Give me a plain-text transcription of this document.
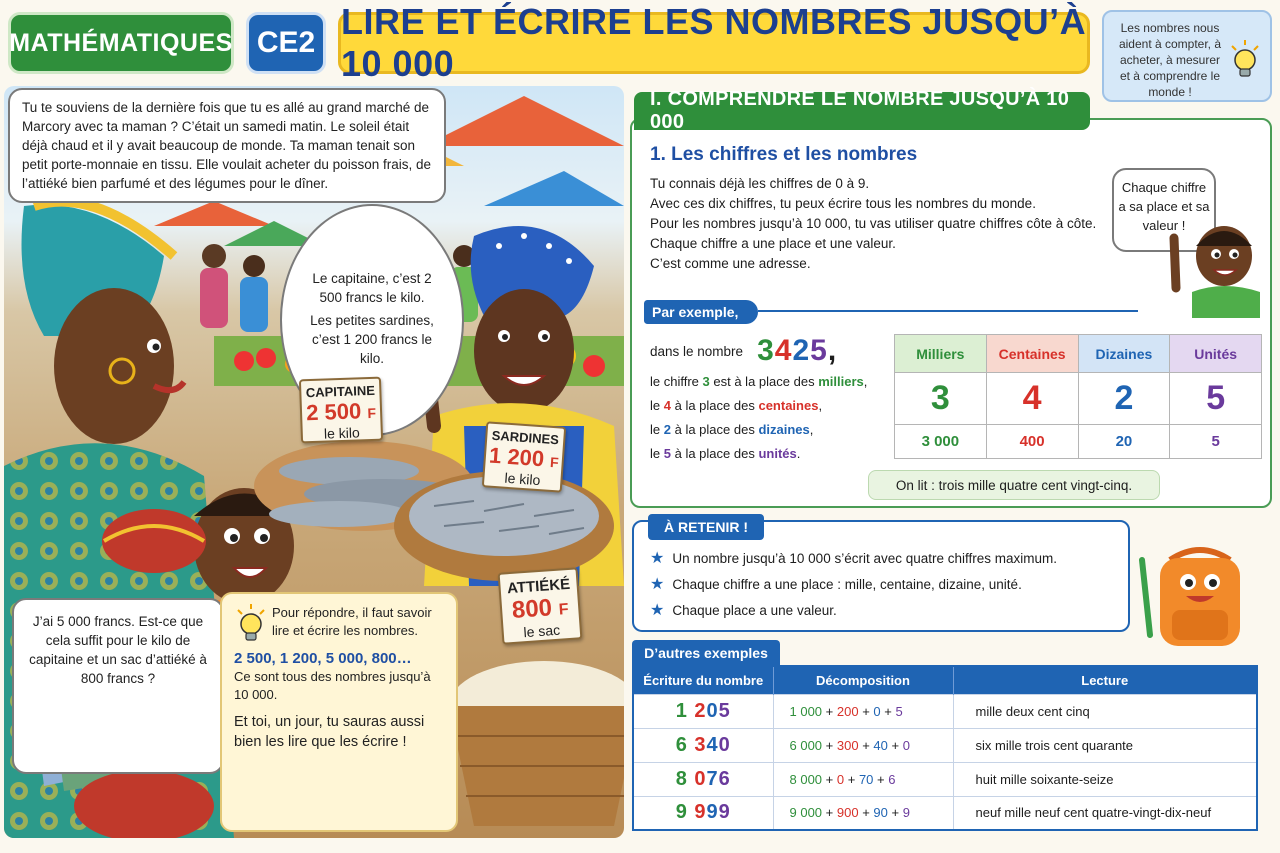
MATHÉMATIQUES CE2
LIRE ET ÉCRIRE LES NOMBRES JUSQU’À 10 000
Les nombres nous aident à compter, à acheter, à mesurer et à comprendre le monde !
Tu te souviens de la dernière fois que tu es allé au grand marché de Marcory avec ta maman ? C’était un samedi matin. Le soleil était déjà chaud et il y avait beaucoup de monde. Ta maman tenait son petit porte-monnaie en tissu. Elle voulait acheter du poisson frais, de l’attiéké bien parfumé et des légumes pour le dîner.

Le capitaine, c’est 2 500 francs le kilo.

Les petites sardines, c’est 1 200 francs le kilo.

CAPITAINE
2 500 F
le kilo	SARDINES
1 200 F
le kilo
ATTIÉKÉ
800 F
le sac
J’ai 5 000 francs. Est-ce que cela suffit pour le kilo de capitaine et un sac d’attiéké à 800 francs ?
Pour répondre, il faut savoir lire et écrire les nombres.
2 500, 1 200, 5 000, 800…
Ce sont tous des nombres jusqu’à 10 000.
Et toi, un jour, tu sauras aussi bien les lire que les écrire !
1. Les chiffres et les nombres
Tu connais déjà les chiffres de 0 à 9.
Avec ces dix chiffres, tu peux écrire tous les nombres du monde.
Pour les nombres jusqu’à 10 000, tu vas utiliser quatre chiffres côte à côte.
Chaque chiffre a une place et une valeur.
C’est comme une adresse.
Chaque chiffre a sa place et sa valeur !
Par exemple,
dans le nombre 3425,
le chiffre 3 est à la place des milliers,
le 4 à la place des centaines,
le 2 à la place des dizaines,
le 5 à la place des unités.
Milliers	Centaines	Dizaines	Unités
3	4	2	5
3 000	400	20	5
On lit : trois mille quatre cent vingt-cinq.
I. COMPRENDRE LE NOMBRE JUSQU’À 10 000
À RETENIR !
★ Un nombre jusqu’à 10 000 s’écrit avec quatre chiffres maximum.
★ Chaque chiffre a une place : mille, centaine, dizaine, unité.
★ Chaque place a une valeur.
D’autres exemples
Écriture du nombre	Décomposition	Lecture
1 205	1 000 + 200 + 0 + 5	mille deux cent cinq
6 340	6 000 + 300 + 40 + 0	six mille trois cent quarante
8 076	8 000 + 0 + 70 + 6	huit mille soixante-seize
9 999	9 000 + 900 + 90 + 9	neuf mille neuf cent quatre-vingt-dix-neuf
